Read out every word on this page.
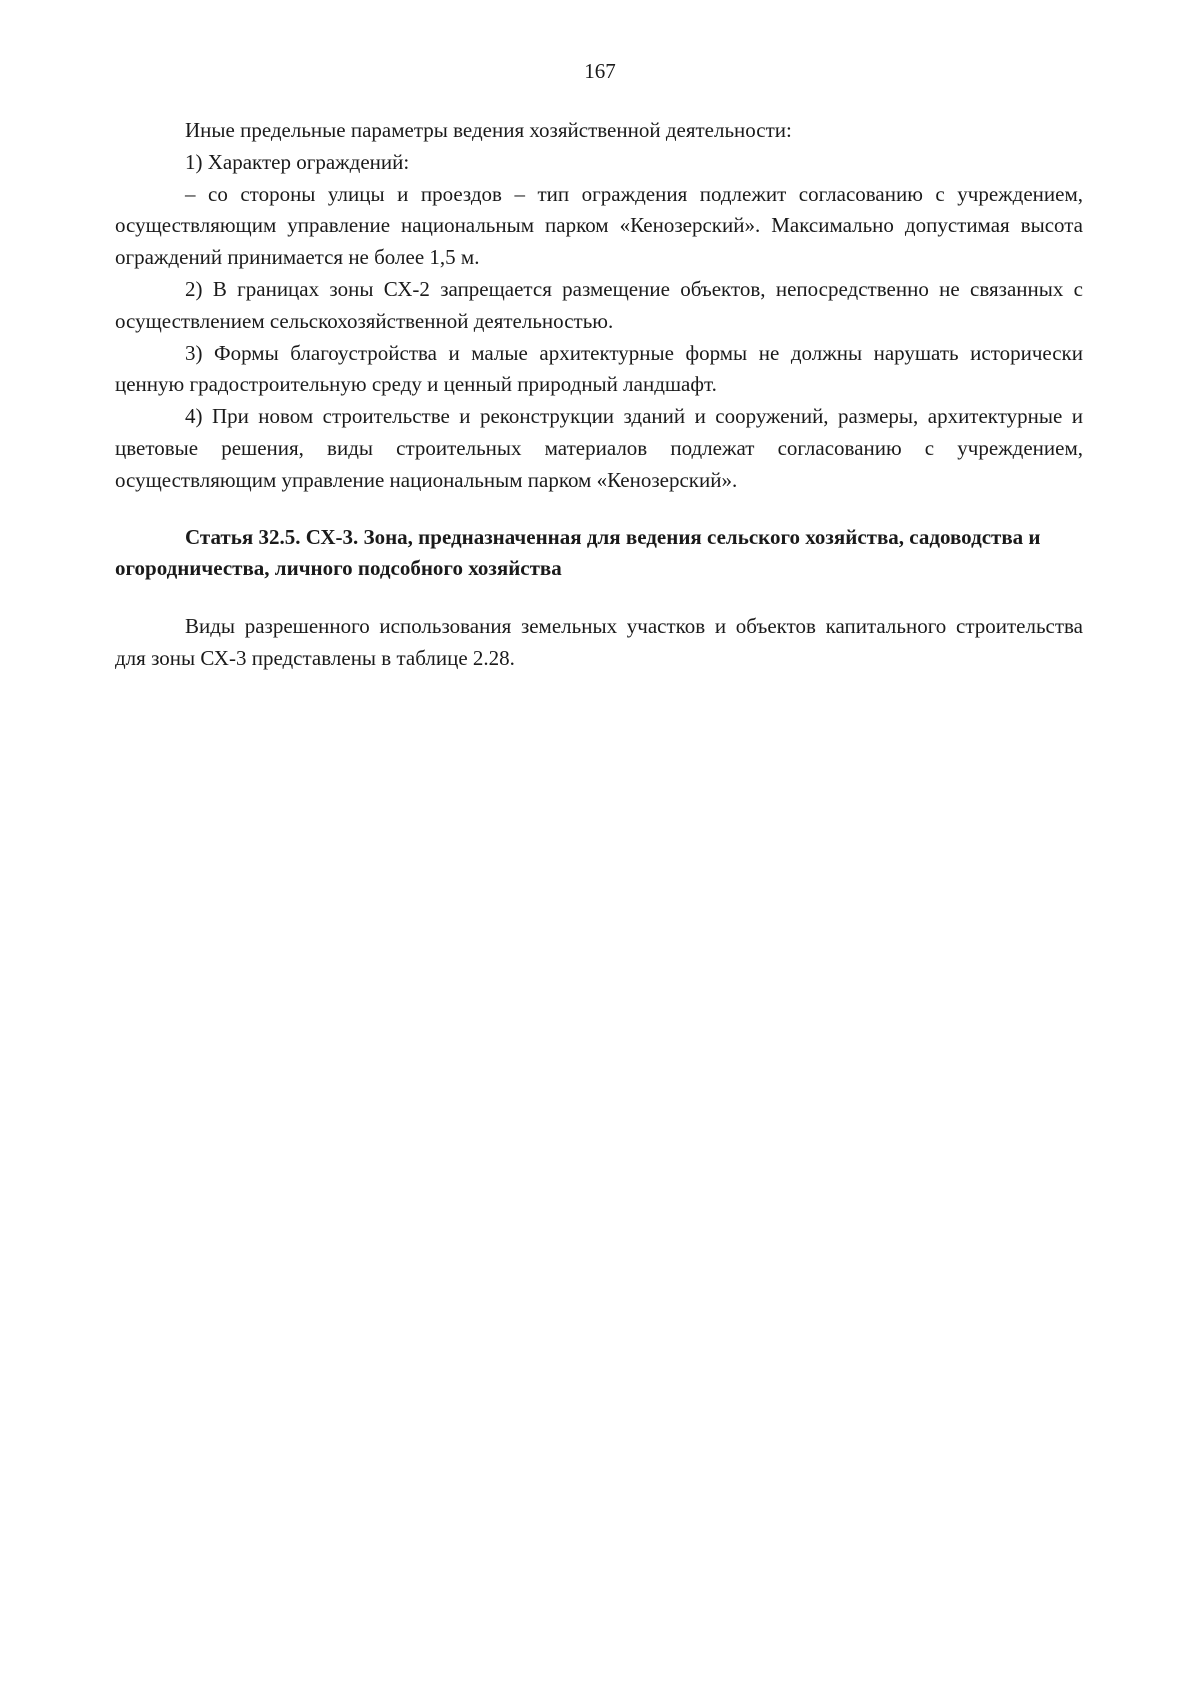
167

Иные предельные параметры ведения хозяйственной деятельности:

1) Характер ограждений:

– со стороны улицы и проездов – тип ограждения подлежит согласованию с учреждением, осуществляющим управление национальным парком «Кенозерский». Максимально допустимая высота ограждений принимается не более 1,5 м.

2) В границах зоны СХ-2 запрещается размещение объектов, непосредственно не связанных с осуществлением сельскохозяйственной деятельностью.

3) Формы благоустройства и малые архитектурные формы не должны нарушать исторически ценную градостроительную среду и ценный природный ландшафт.

4) При новом строительстве и реконструкции зданий и сооружений, размеры, архитектурные и цветовые решения, виды строительных материалов подлежат согласованию с учреждением, осуществляющим управление национальным парком «Кенозерский».

Статья 32.5. СХ-3. Зона, предназначенная для ведения сельского хозяйства, садоводства и огородничества, личного подсобного хозяйства

Виды разрешенного использования земельных участков и объектов капитального строительства для зоны СХ-3 представлены в таблице 2.28.
